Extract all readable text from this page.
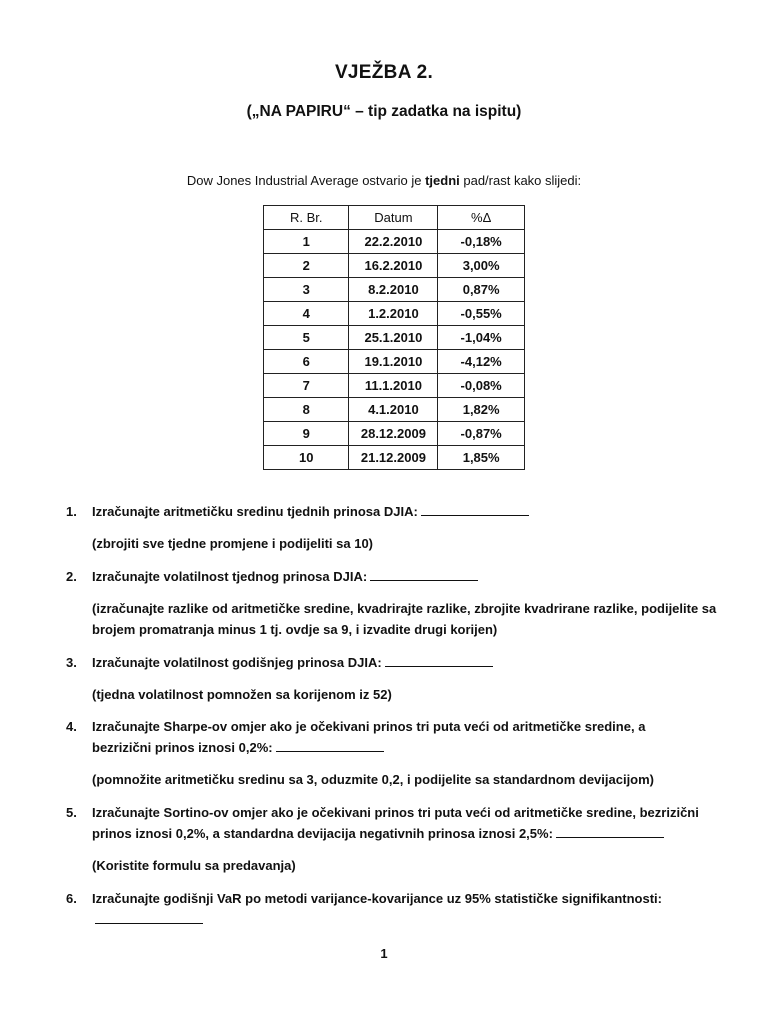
VJEŽBA 2.
(„NA PAPIRU“ – tip zadatka na ispitu)
Dow Jones Industrial Average ostvario je tjedni pad/rast kako slijedi:
R. Br.	Datum	%Δ
1	22.2.2010	-0,18%
2	16.2.2010	3,00%
3	8.2.2010	0,87%
4	1.2.2010	-0,55%
5	25.1.2010	-1,04%
6	19.1.2010	-4,12%
7	11.1.2010	-0,08%
8	4.1.2010	1,82%
9	28.12.2009	-0,87%
10	21.12.2009	1,85%
1.	Izračunajte aritmetičku sredinu tjednih prinosa DJIA:
(zbrojiti sve tjedne promjene i podijeliti sa 10)
2.	Izračunajte volatilnost tjednog prinosa DJIA:
(izračunajte razlike od aritmetičke sredine, kvadrirajte razlike, zbrojite kvadrirane razlike, podijelite sa brojem promatranja minus 1 tj. ovdje sa 9, i izvadite drugi korijen)
3.	Izračunajte volatilnost godišnjeg prinosa DJIA:
(tjedna volatilnost pomnožen sa korijenom iz 52)
4.	Izračunajte Sharpe-ov omjer ako je očekivani prinos tri puta veći od aritmetičke sredine, a bezrizični prinos iznosi 0,2%:
(pomnožite aritmetičku sredinu sa 3, oduzmite 0,2, i podijelite sa standardnom devijacijom)
5.	Izračunajte Sortino-ov omjer ako je očekivani prinos tri puta veći od aritmetičke sredine, bezrizični prinos iznosi 0,2%, a standardna devijacija negativnih prinosa iznosi 2,5%:
(Koristite formulu sa predavanja)
6.	Izračunajte godišnji VaR po metodi varijance-kovarijance uz 95% statističke signifikantnosti:
1
